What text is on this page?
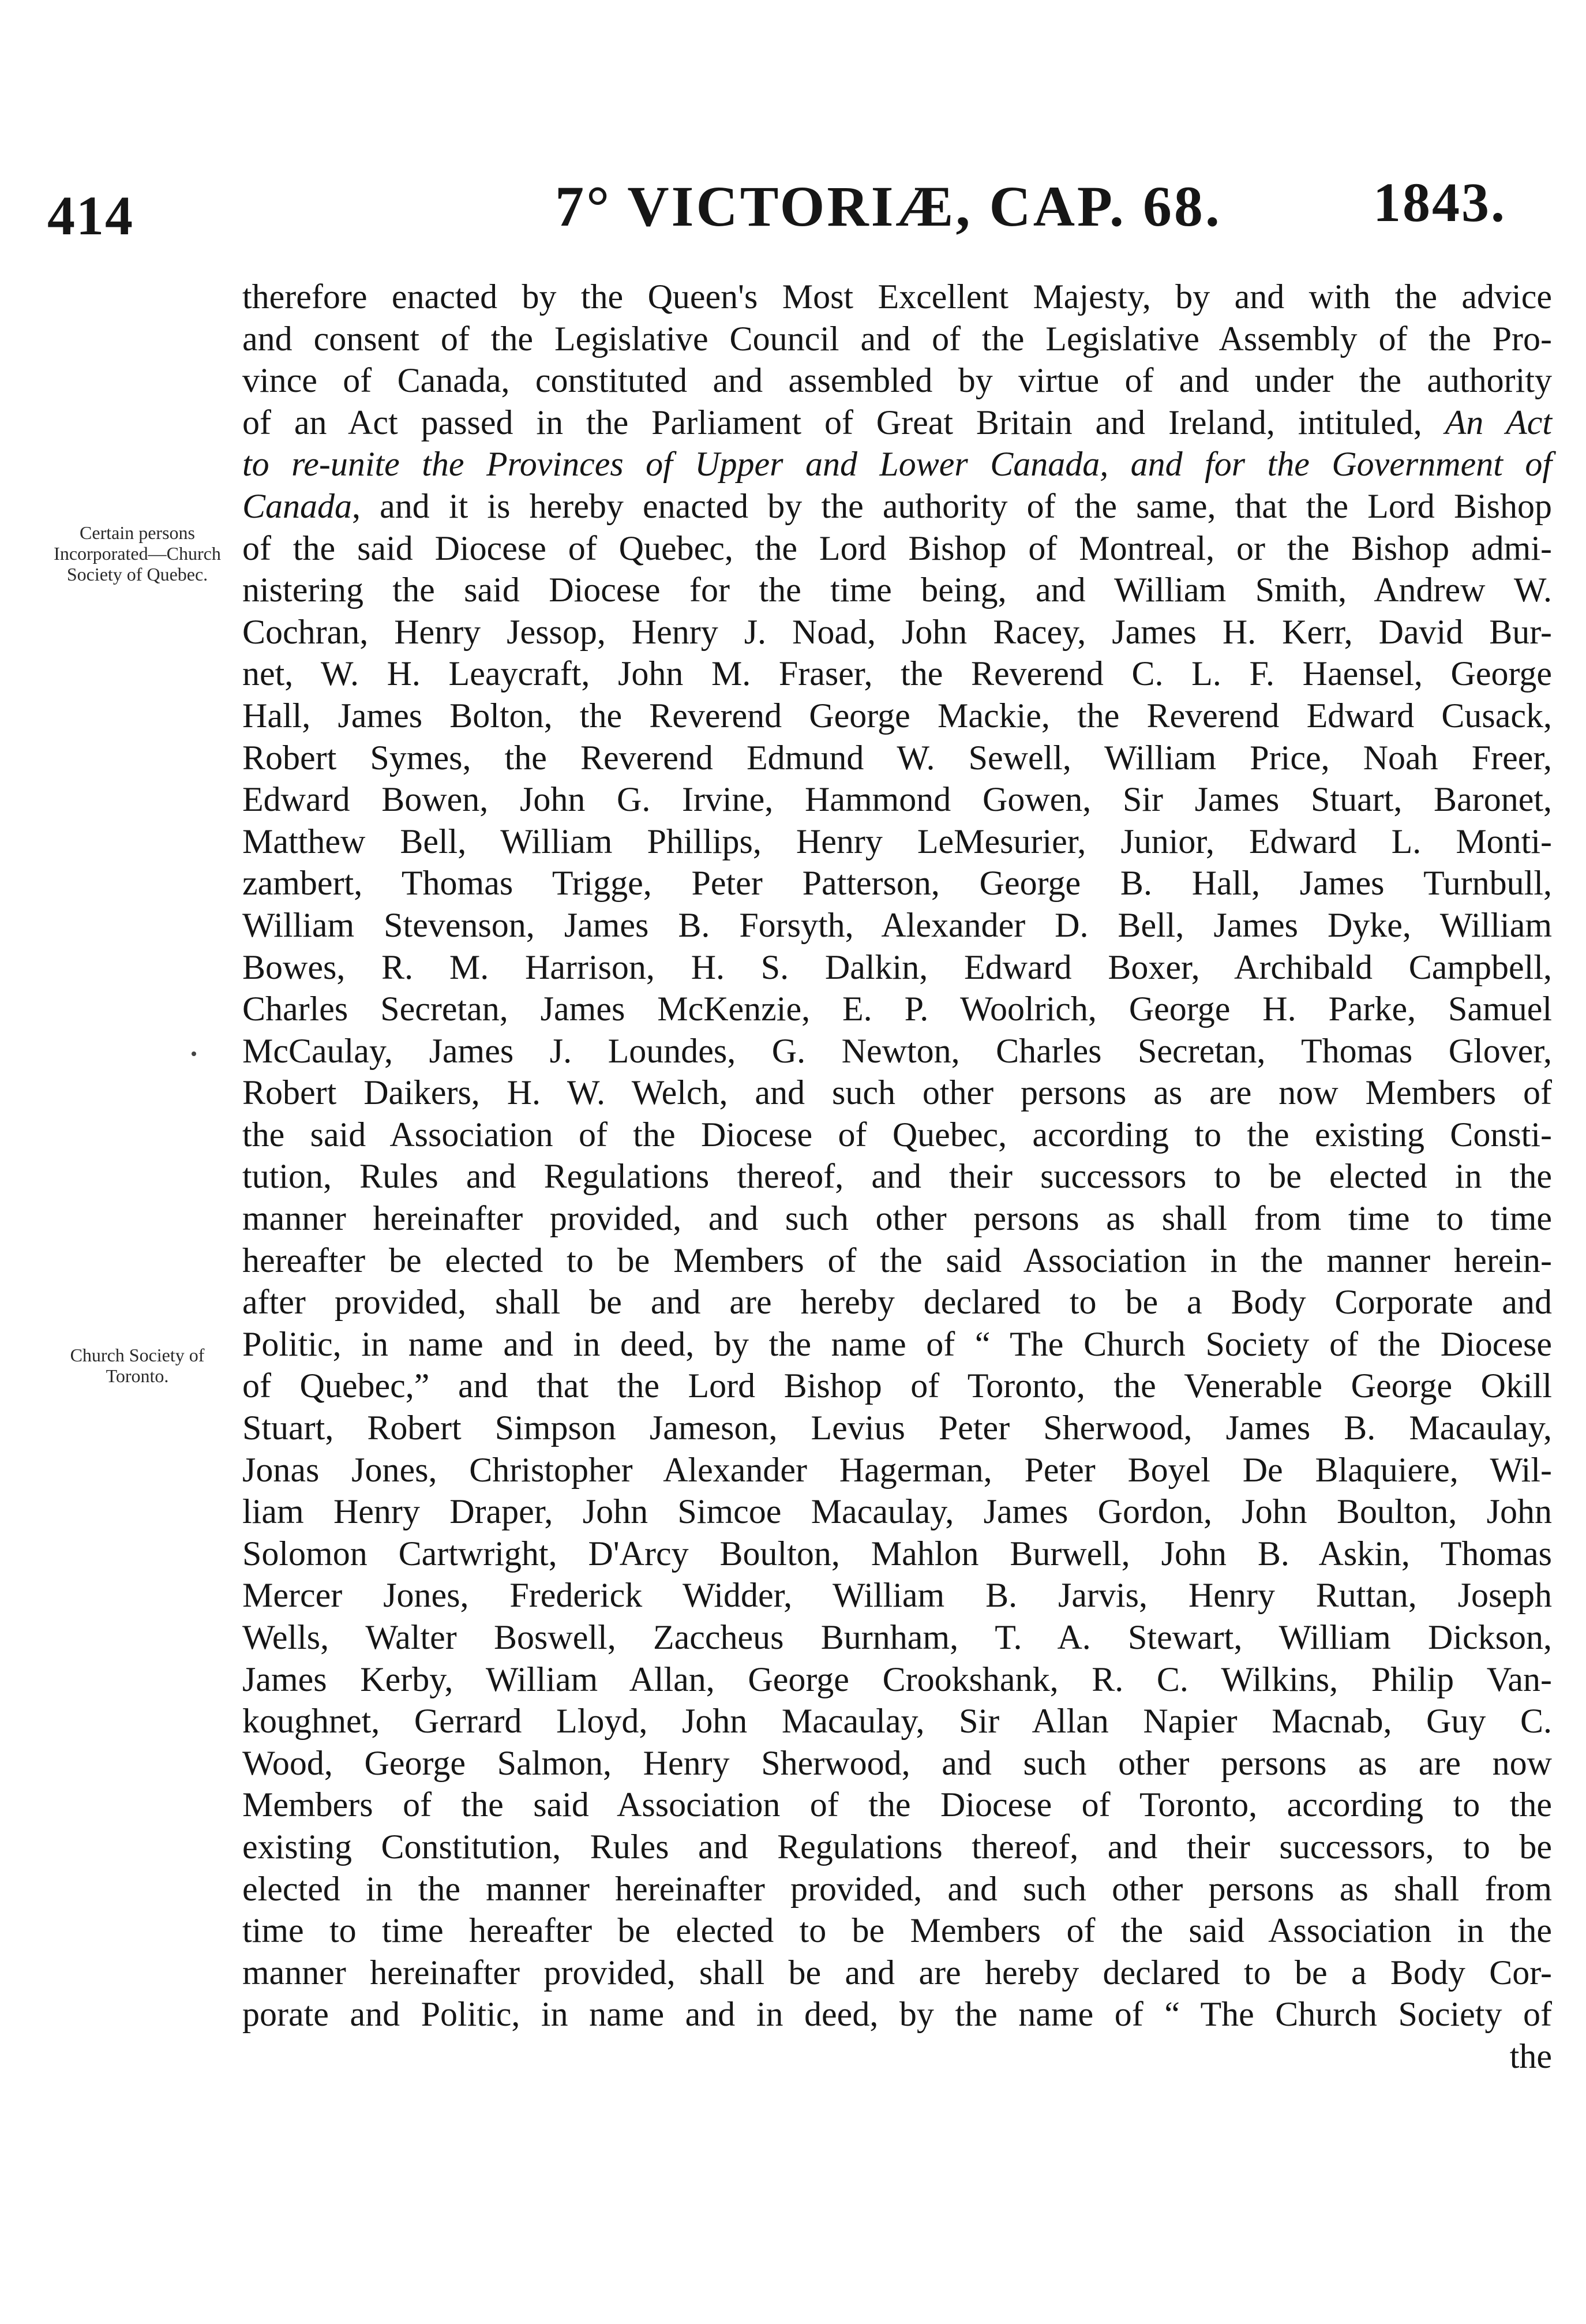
414	7° VICTORIÆ, CAP. 68.	1843.
Certain persons Incorporated—Church Society of Quebec.
Church Society of Toronto.
therefore enacted by the Queen's Most Excellent Majesty, by and with the advice
and consent of the Legislative Council and of the Legislative Assembly of the Pro-
vince of Canada, constituted and assembled by virtue of and under the authority
of an Act passed in the Parliament of Great Britain and Ireland, intituled, An Act
to re-unite the Provinces of Upper and Lower Canada, and for the Government of
Canada, and it is hereby enacted by the authority of the same, that the Lord Bishop
of the said Diocese of Quebec, the Lord Bishop of Montreal, or the Bishop admi-
nistering the said Diocese for the time being, and William Smith, Andrew W.
Cochran, Henry Jessop, Henry J. Noad, John Racey, James H. Kerr, David Bur-
net, W. H. Leaycraft, John M. Fraser, the Reverend C. L. F. Haensel, George
Hall, James Bolton, the Reverend George Mackie, the Reverend Edward Cusack,
Robert Symes, the Reverend Edmund W. Sewell, William Price, Noah Freer,
Edward Bowen, John G. Irvine, Hammond Gowen, Sir James Stuart, Baronet,
Matthew Bell, William Phillips, Henry LeMesurier, Junior, Edward L. Monti-
zambert, Thomas Trigge, Peter Patterson, George B. Hall, James Turnbull,
William Stevenson, James B. Forsyth, Alexander D. Bell, James Dyke, William
Bowes, R. M. Harrison, H. S. Dalkin, Edward Boxer, Archibald Campbell,
Charles Secretan, James McKenzie, E. P. Woolrich, George H. Parke, Samuel
McCaulay, James J. Loundes, G. Newton, Charles Secretan, Thomas Glover,
Robert Daikers, H. W. Welch, and such other persons as are now Members of
the said Association of the Diocese of Quebec, according to the existing Consti-
tution, Rules and Regulations thereof, and their successors to be elected in the
manner hereinafter provided, and such other persons as shall from time to time
hereafter be elected to be Members of the said Association in the manner herein-
after provided, shall be and are hereby declared to be a Body Corporate and
Politic, in name and in deed, by the name of “ The Church Society of the Diocese
of Quebec,” and that the Lord Bishop of Toronto, the Venerable George Okill
Stuart, Robert Simpson Jameson, Levius Peter Sherwood, James B. Macaulay,
Jonas Jones, Christopher Alexander Hagerman, Peter Boyel De Blaquiere, Wil-
liam Henry Draper, John Simcoe Macaulay, James Gordon, John Boulton, John
Solomon Cartwright, D'Arcy Boulton, Mahlon Burwell, John B. Askin, Thomas
Mercer Jones, Frederick Widder, William B. Jarvis, Henry Ruttan, Joseph
Wells, Walter Boswell, Zaccheus Burnham, T. A. Stewart, William Dickson,
James Kerby, William Allan, George Crookshank, R. C. Wilkins, Philip Van-
koughnet, Gerrard Lloyd, John Macaulay, Sir Allan Napier Macnab, Guy C.
Wood, George Salmon, Henry Sherwood, and such other persons as are now
Members of the said Association of the Diocese of Toronto, according to the
existing Constitution, Rules and Regulations thereof, and their successors, to be
elected in the manner hereinafter provided, and such other persons as shall from
time to time hereafter be elected to be Members of the said Association in the
manner hereinafter provided, shall be and are hereby declared to be a Body Cor-
porate and Politic, in name and in deed, by the name of “ The Church Society of
the
